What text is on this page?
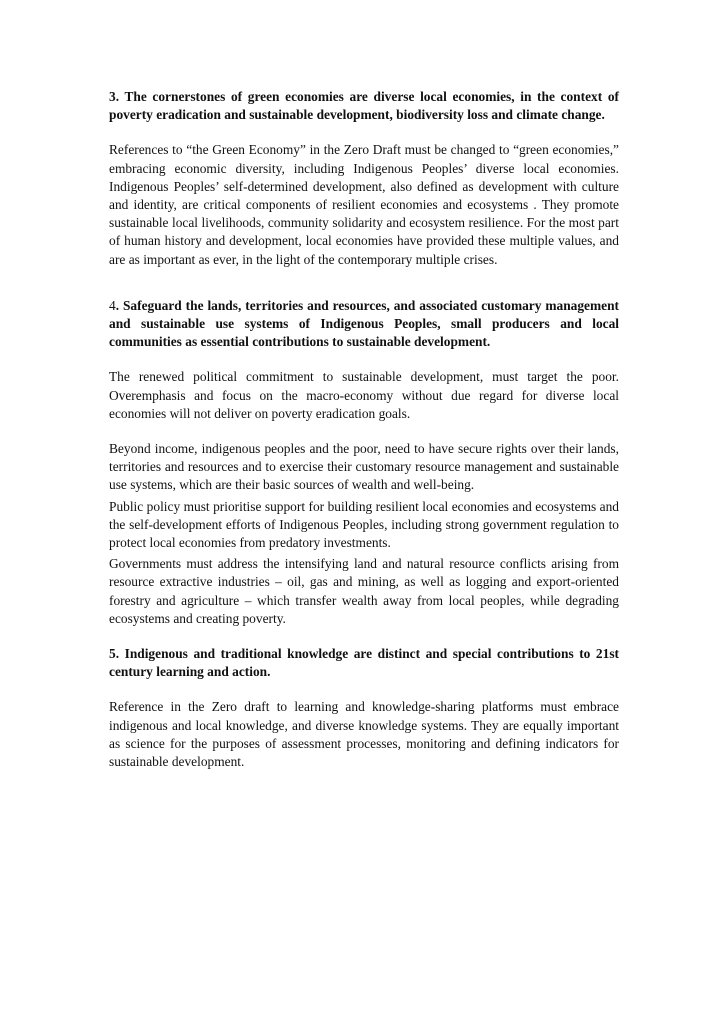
3. The cornerstones of green economies are diverse local economies, in the context of poverty eradication and sustainable development, biodiversity loss and climate change.

References to “the Green Economy” in the Zero Draft must be changed to “green economies,” embracing economic diversity, including Indigenous Peoples’ diverse local economies. Indigenous Peoples’ self-determined development, also defined as development with culture and identity, are critical components of resilient economies and ecosystems . They promote sustainable local livelihoods, community solidarity and ecosystem resilience. For the most part of human history and development, local economies have provided these multiple values, and are as important as ever, in the light of the contemporary multiple crises.

4. Safeguard the lands, territories and resources, and associated customary management and sustainable use systems of Indigenous Peoples, small producers and local communities as essential contributions to sustainable development.

The renewed political commitment to sustainable development, must target the poor. Overemphasis and focus on the macro-economy without due regard for diverse local economies will not deliver on poverty eradication goals.

Beyond income, indigenous peoples and the poor, need to have secure rights over their lands, territories and resources and to exercise their customary resource management and sustainable use systems, which are their basic sources of wealth and well-being.

Public policy must prioritise support for building resilient local economies and ecosystems and the self-development efforts of Indigenous Peoples, including strong government regulation to protect local economies from predatory investments.

Governments must address the intensifying land and natural resource conflicts arising from resource extractive industries – oil, gas and mining, as well as logging and export-oriented forestry and agriculture – which transfer wealth away from local peoples, while degrading ecosystems and creating poverty.

5. Indigenous and traditional knowledge are distinct and special contributions to 21st century learning and action.

Reference in the Zero draft to learning and knowledge-sharing platforms must embrace indigenous and local knowledge, and diverse knowledge systems. They are equally important as science for the purposes of assessment processes, monitoring and defining indicators for sustainable development.
